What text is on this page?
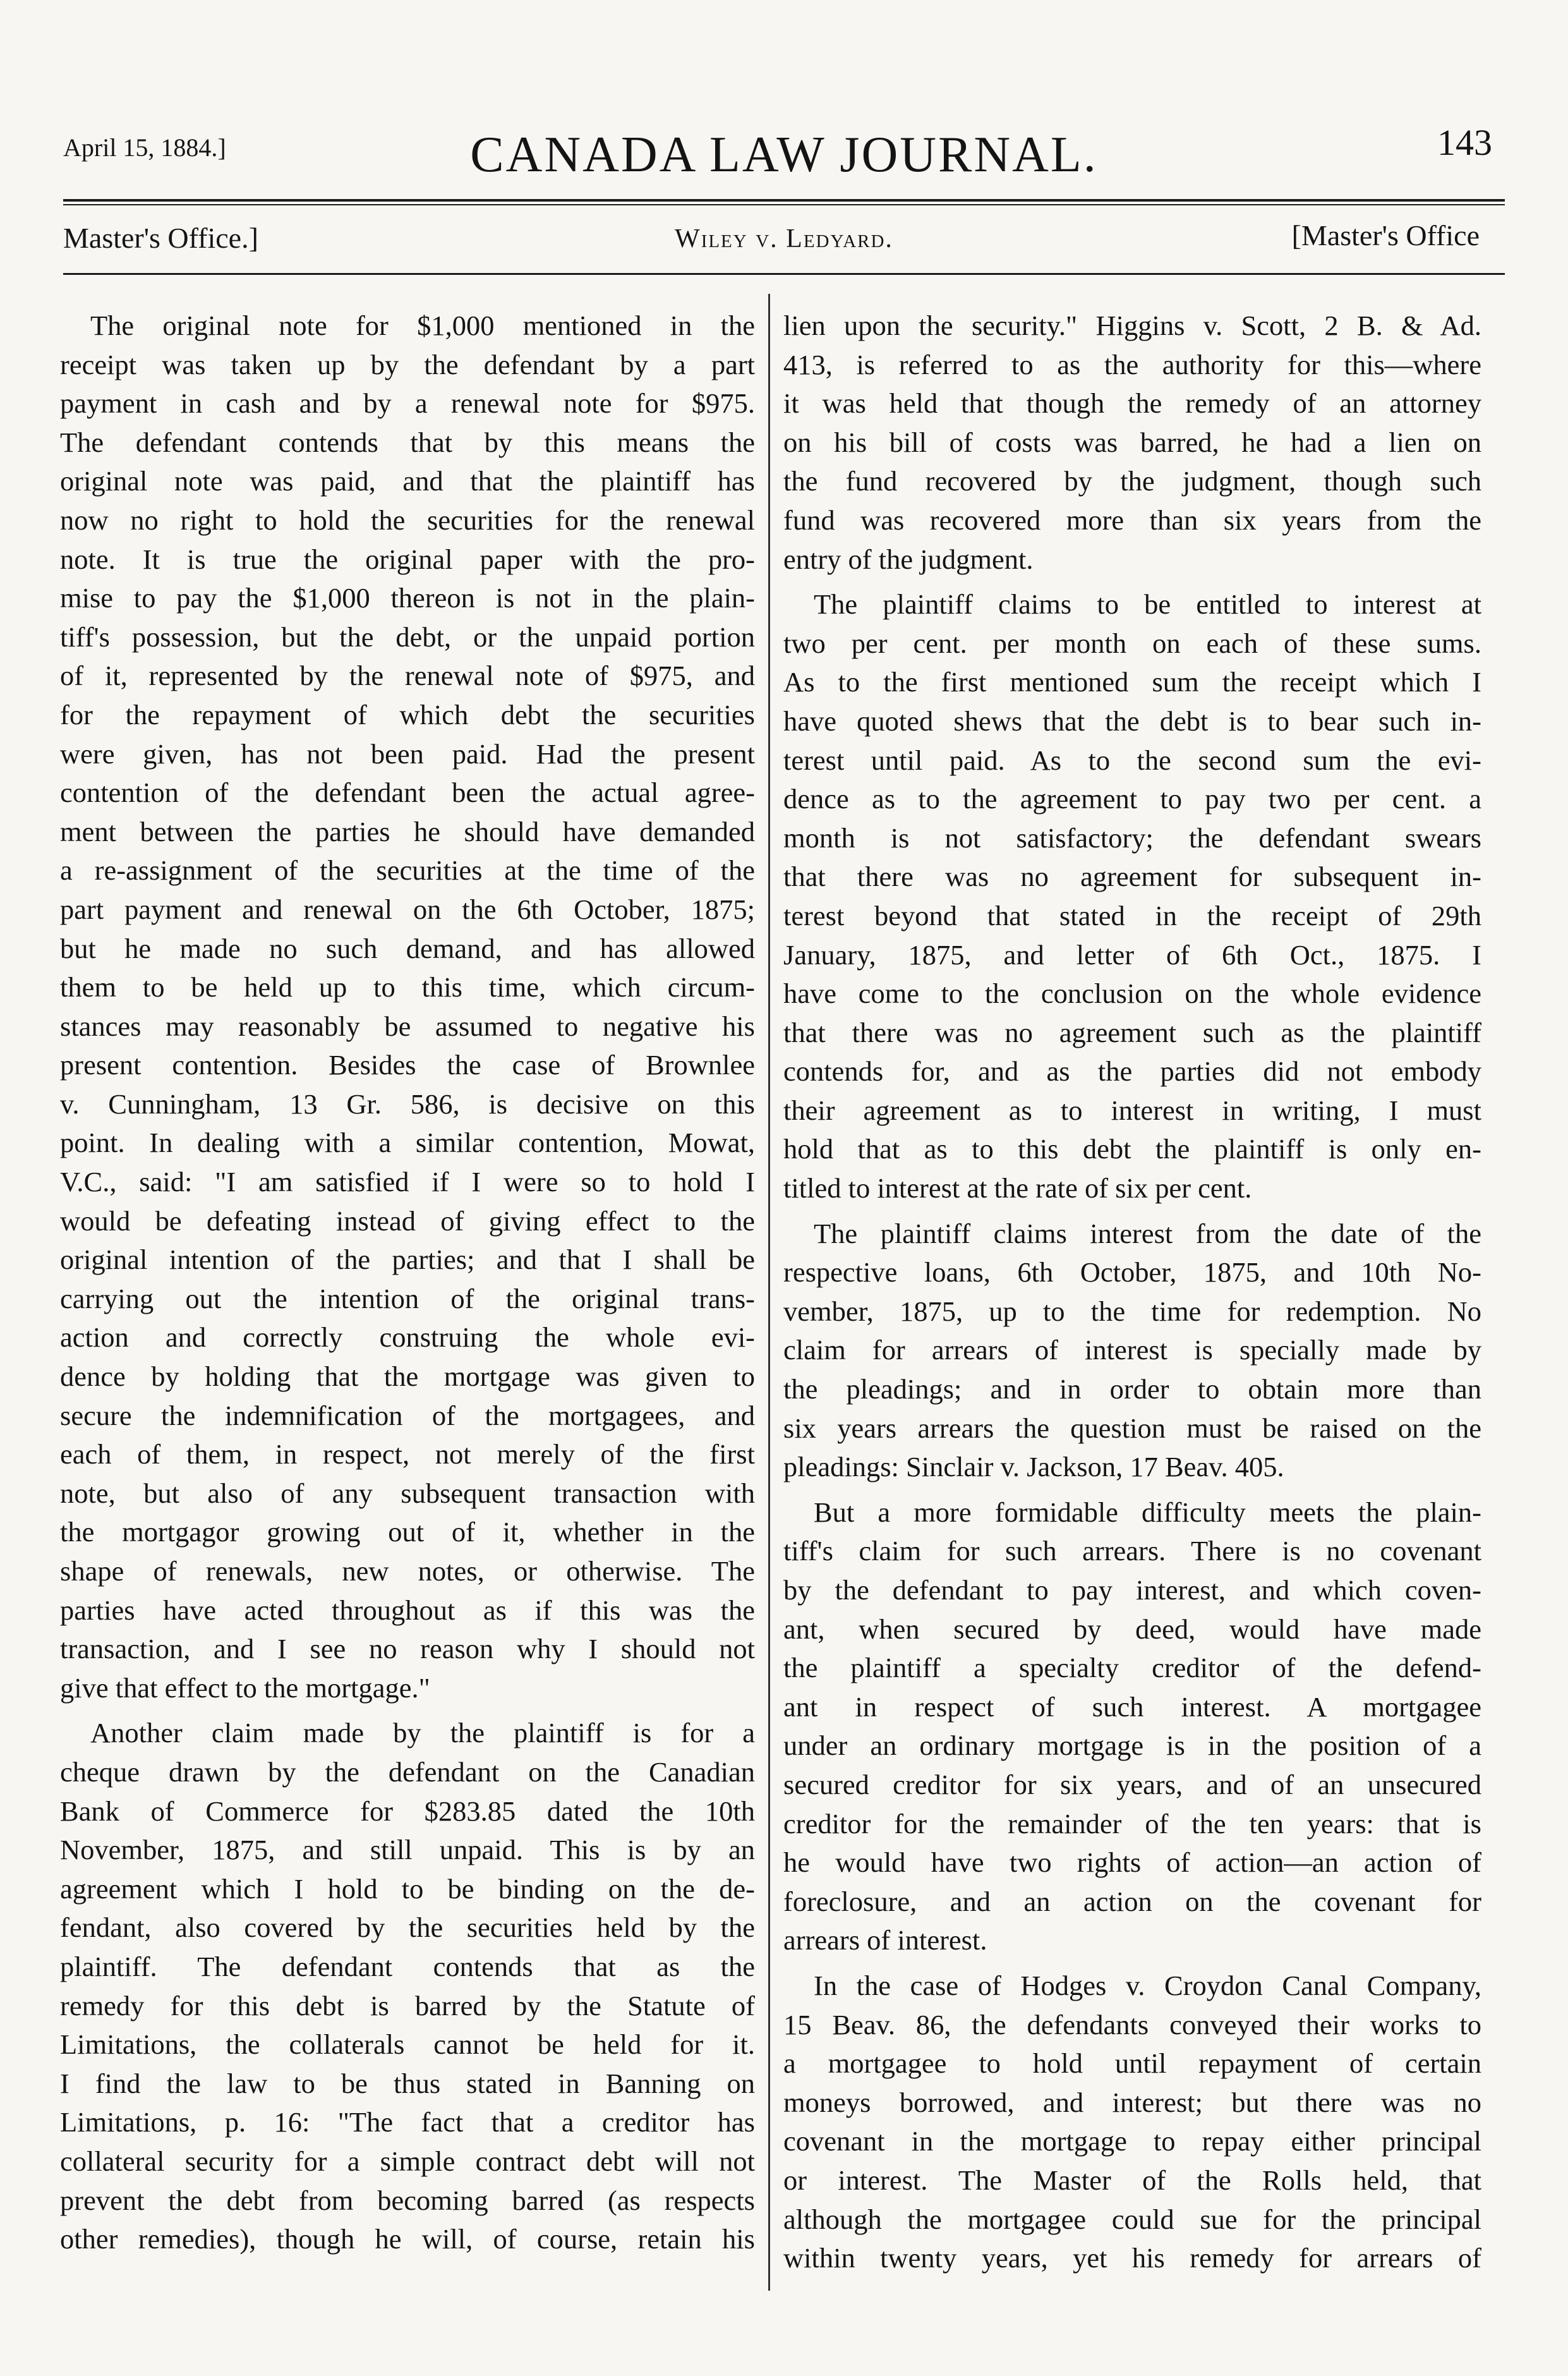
April 15, 1884.]	CANADA LAW JOURNAL.	143
Master's Office.]	Wiley v. Ledyard.	[Master's Office
The original note for $1,000 mentioned in the
receipt was taken up by the defendant by a part
payment in cash and by a renewal note for $975.
The defendant contends that by this means the
original note was paid, and that the plaintiff has
now no right to hold the securities for the renewal
note. It is true the original paper with the pro-
mise to pay the $1,000 thereon is not in the plain-
tiff's possession, but the debt, or the unpaid portion
of it, represented by the renewal note of $975, and
for the repayment of which debt the securities
were given, has not been paid. Had the present
contention of the defendant been the actual agree-
ment between the parties he should have demanded
a re-assignment of the securities at the time of the
part payment and renewal on the 6th October, 1875;
but he made no such demand, and has allowed
them to be held up to this time, which circum-
stances may reasonably be assumed to negative his
present contention. Besides the case of Brownlee
v. Cunningham, 13 Gr. 586, is decisive on this
point. In dealing with a similar contention, Mowat,
V.C., said: "I am satisfied if I were so to hold I
would be defeating instead of giving effect to the
original intention of the parties; and that I shall be
carrying out the intention of the original trans-
action and correctly construing the whole evi-
dence by holding that the mortgage was given to
secure the indemnification of the mortgagees, and
each of them, in respect, not merely of the first
note, but also of any subsequent transaction with
the mortgagor growing out of it, whether in the
shape of renewals, new notes, or otherwise. The
parties have acted throughout as if this was the
transaction, and I see no reason why I should not
give that effect to the mortgage."
Another claim made by the plaintiff is for a
cheque drawn by the defendant on the Canadian
Bank of Commerce for $283.85 dated the 10th
November, 1875, and still unpaid. This is by an
agreement which I hold to be binding on the de-
fendant, also covered by the securities held by the
plaintiff. The defendant contends that as the
remedy for this debt is barred by the Statute of
Limitations, the collaterals cannot be held for it.
I find the law to be thus stated in Banning on
Limitations, p. 16: "The fact that a creditor has
collateral security for a simple contract debt will not
prevent the debt from becoming barred (as respects
other remedies), though he will, of course, retain his
lien upon the security." Higgins v. Scott, 2 B. & Ad.
413, is referred to as the authority for this—where
it was held that though the remedy of an attorney
on his bill of costs was barred, he had a lien on
the fund recovered by the judgment, though such
fund was recovered more than six years from the
entry of the judgment.
The plaintiff claims to be entitled to interest at
two per cent. per month on each of these sums.
As to the first mentioned sum the receipt which I
have quoted shews that the debt is to bear such in-
terest until paid. As to the second sum the evi-
dence as to the agreement to pay two per cent. a
month is not satisfactory; the defendant swears
that there was no agreement for subsequent in-
terest beyond that stated in the receipt of 29th
January, 1875, and letter of 6th Oct., 1875. I
have come to the conclusion on the whole evidence
that there was no agreement such as the plaintiff
contends for, and as the parties did not embody
their agreement as to interest in writing, I must
hold that as to this debt the plaintiff is only en-
titled to interest at the rate of six per cent.
The plaintiff claims interest from the date of the
respective loans, 6th October, 1875, and 10th No-
vember, 1875, up to the time for redemption. No
claim for arrears of interest is specially made by
the pleadings; and in order to obtain more than
six years arrears the question must be raised on the
pleadings: Sinclair v. Jackson, 17 Beav. 405.
But a more formidable difficulty meets the plain-
tiff's claim for such arrears. There is no covenant
by the defendant to pay interest, and which coven-
ant, when secured by deed, would have made
the plaintiff a specialty creditor of the defend-
ant in respect of such interest. A mortgagee
under an ordinary mortgage is in the position of a
secured creditor for six years, and of an unsecured
creditor for the remainder of the ten years: that is
he would have two rights of action—an action of
foreclosure, and an action on the covenant for
arrears of interest.
In the case of Hodges v. Croydon Canal Company,
15 Beav. 86, the defendants conveyed their works to
a mortgagee to hold until repayment of certain
moneys borrowed, and interest; but there was no
covenant in the mortgage to repay either principal
or interest. The Master of the Rolls held, that
although the mortgagee could sue for the principal
within twenty years, yet his remedy for arrears of
